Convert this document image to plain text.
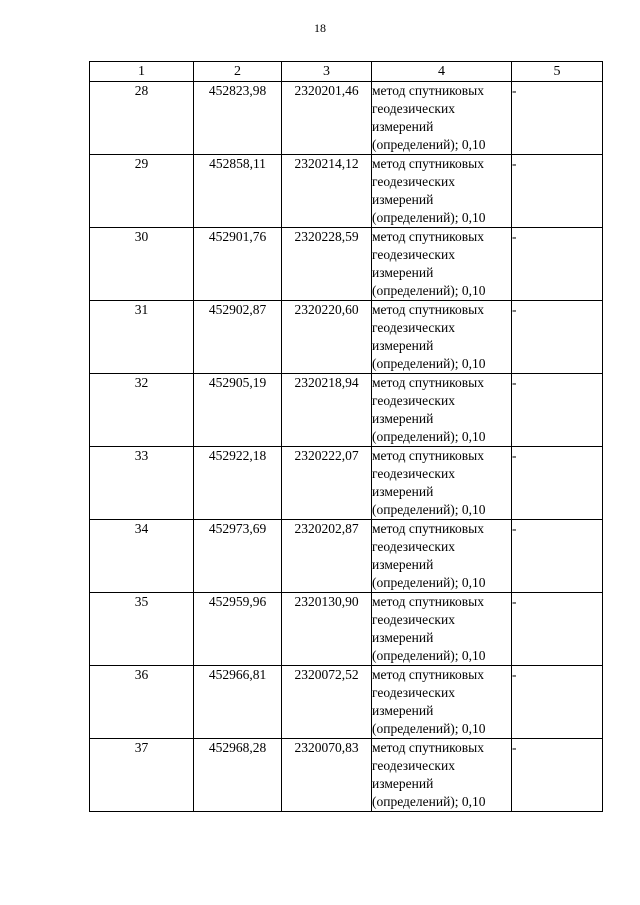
18
1	2	3	4	5
28	452823,98	2320201,46	метод спутниковых
геодезических
измерений
(определений); 0,10	-
29	452858,11	2320214,12	метод спутниковых
геодезических
измерений
(определений); 0,10	-
30	452901,76	2320228,59	метод спутниковых
геодезических
измерений
(определений); 0,10	-
31	452902,87	2320220,60	метод спутниковых
геодезических
измерений
(определений); 0,10	-
32	452905,19	2320218,94	метод спутниковых
геодезических
измерений
(определений); 0,10	-
33	452922,18	2320222,07	метод спутниковых
геодезических
измерений
(определений); 0,10	-
34	452973,69	2320202,87	метод спутниковых
геодезических
измерений
(определений); 0,10	-
35	452959,96	2320130,90	метод спутниковых
геодезических
измерений
(определений); 0,10	-
36	452966,81	2320072,52	метод спутниковых
геодезических
измерений
(определений); 0,10	-
37	452968,28	2320070,83	метод спутниковых
геодезических
измерений
(определений); 0,10	-
